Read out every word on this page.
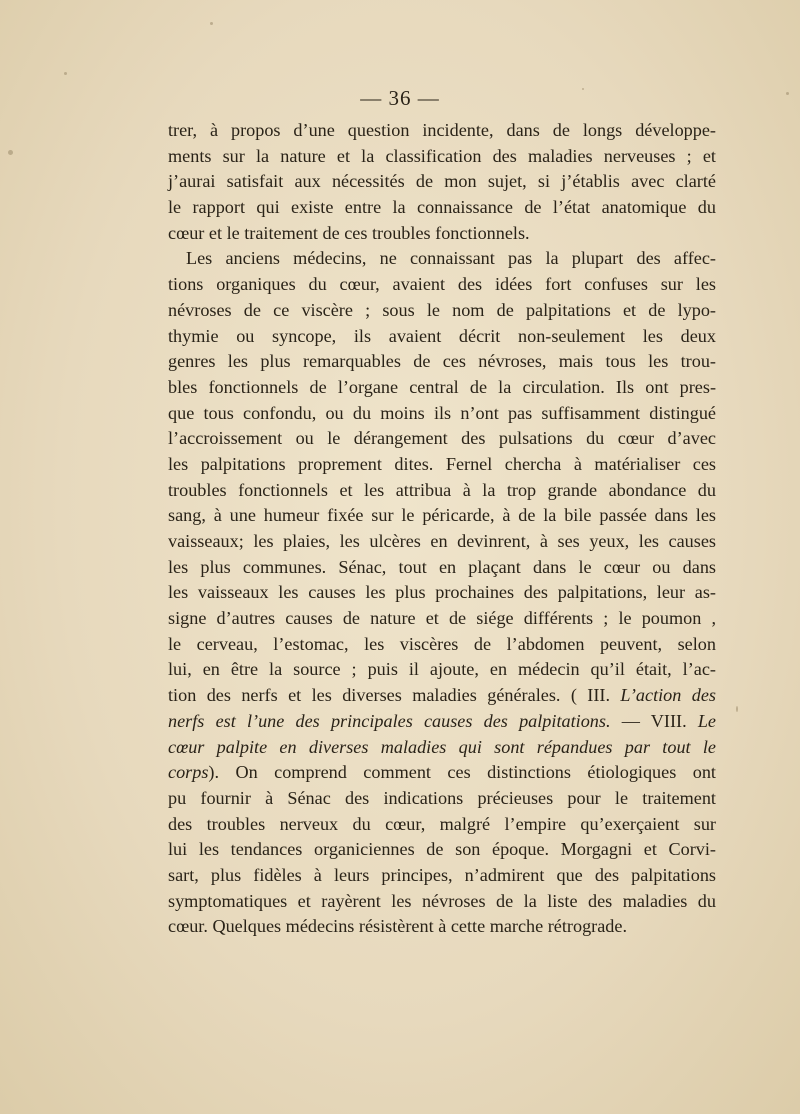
— 36 —
trer, à propos d’une question incidente, dans de longs développe-
ments sur la nature et la classification des maladies nerveuses ; et
j’aurai satisfait aux nécessités de mon sujet, si j’établis avec clarté
le rapport qui existe entre la connaissance de l’état anatomique du
cœur et le traitement de ces troubles fonctionnels.
Les anciens médecins, ne connaissant pas la plupart des affec-
tions organiques du cœur, avaient des idées fort confuses sur les
névroses de ce viscère ; sous le nom de palpitations et de lypo-
thymie ou syncope, ils avaient décrit non-seulement les deux
genres les plus remarquables de ces névroses, mais tous les trou-
bles fonctionnels de l’organe central de la circulation. Ils ont pres-
que tous confondu, ou du moins ils n’ont pas suffisamment distingué
l’accroissement ou le dérangement des pulsations du cœur d’avec
les palpitations proprement dites. Fernel chercha à matérialiser ces
troubles fonctionnels et les attribua à la trop grande abondance du
sang, à une humeur fixée sur le péricarde, à de la bile passée dans les
vaisseaux; les plaies, les ulcères en devinrent, à ses yeux, les causes
les plus communes. Sénac, tout en plaçant dans le cœur ou dans
les vaisseaux les causes les plus prochaines des palpitations, leur as-
signe d’autres causes de nature et de siége différents ; le poumon ,
le cerveau, l’estomac, les viscères de l’abdomen peuvent, selon
lui, en être la source ; puis il ajoute, en médecin qu’il était, l’ac-
tion des nerfs et les diverses maladies générales. ( III. L’action des
nerfs est l’une des principales causes des palpitations. — VIII. Le
cœur palpite en diverses maladies qui sont répandues par tout le
corps). On comprend comment ces distinctions étiologiques ont
pu fournir à Sénac des indications précieuses pour le traitement
des troubles nerveux du cœur, malgré l’empire qu’exerçaient sur
lui les tendances organiciennes de son époque. Morgagni et Corvi-
sart, plus fidèles à leurs principes, n’admirent que des palpitations
symptomatiques et rayèrent les névroses de la liste des maladies du
cœur. Quelques médecins résistèrent à cette marche rétrograde.
